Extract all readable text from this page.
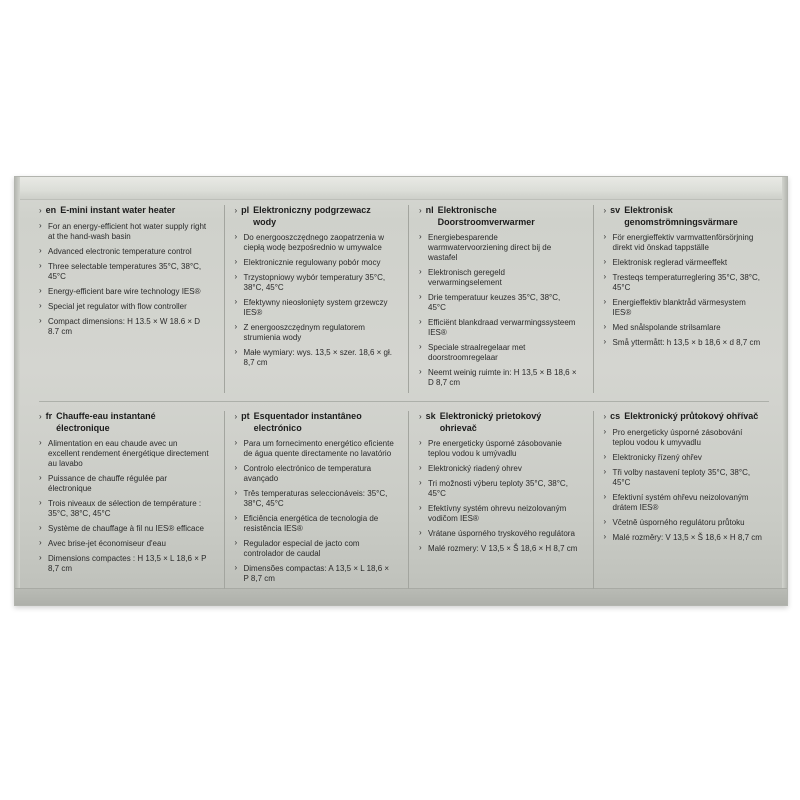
› en E-mini instant water heater
› For an energy-efficient hot water supply right at the hand-wash basin
› Advanced electronic temperature control
› Three selectable temperatures 35°C, 38°C, 45°C
› Energy-efficient bare wire technology IES®
› Special jet regulator with flow controller
› Compact dimensions: H 13.5 × W 18.6 × D 8.7 cm
› pl Elektroniczny podgrzewacz wody
› Do energooszczędnego zaopatrzenia w ciepłą wodę bezpośrednio w umywalce
› Elektronicznie regulowany pobór mocy
› Trzystopniowy wybór temperatury 35°C, 38°C, 45°C
› Efektywny nieosłonięty system grzewczy IES®
› Z energooszczędnym regulatorem strumienia wody
› Małe wymiary: wys. 13,5 × szer. 18,6 × gł. 8,7 cm
› nl Elektronische Doorstroomverwarmer
› Energiebesparende warmwatervoorziening direct bij de wastafel
› Elektronisch geregeld verwarmingselement
› Drie temperatuur keuzes 35°C, 38°C, 45°C
› Efficiënt blankdraad verwarmingssysteem IES®
› Speciale straalregelaar met doorstroomregelaar
› Neemt weinig ruimte in: H 13,5 × B 18,6 × D 8,7 cm
› sv Elektronisk genomströmningsvärmare
› För energieffektiv varmvattenförsörjning direkt vid önskad tappställe
› Elektronisk reglerad värmeeffekt
› Tresteqs temperaturreglering 35°C, 38°C, 45°C
› Energieffektiv blanktråd värmesystem IES®
› Med snålspolande strilsamlare
› Små yttermått: h 13,5 × b 18,6 × d 8,7 cm
› fr Chauffe-eau instantané électronique
› Alimentation en eau chaude avec un excellent rendement énergétique directement au lavabo
› Puissance de chauffe régulée par électronique
› Trois niveaux de sélection de température : 35°C, 38°C, 45°C
› Système de chauffage à fil nu IES® efficace
› Avec brise-jet économiseur d'eau
› Dimensions compactes : H 13,5 × L 18,6 × P 8,7 cm
› pt Esquentador instantâneo electrónico
› Para um fornecimento energético eficiente de água quente directamente no lavatório
› Controlo electrónico de temperatura avançado
› Três temperaturas seleccionáveis: 35°C, 38°C, 45°C
› Eficiência energética de tecnologia de resistência IES®
› Regulador especial de jacto com controlador de caudal
› Dimensões compactas: A 13,5 × L 18,6 × P 8,7 cm
› sk Elektronický prietokový ohrievač
› Pre energeticky úsporné zásobovanie teplou vodou k umývadlu
› Elektronický riadený ohrev
› Tri možnosti výberu teploty 35°C, 38°C, 45°C
› Efektívny systém ohrevu neizolovaným vodičom IES®
› Vrátane úsporného tryskového regulátora
› Malé rozmery: V 13,5 × Š 18,6 × H 8,7 cm
› cs Elektronický průtokový ohřívač
› Pro energeticky úsporné zásobování teplou vodou k umyvadlu
› Elektronicky řízený ohřev
› Tři volby nastavení teploty 35°C, 38°C, 45°C
› Efektivní systém ohřevu neizolovaným drátem IES®
› Včetně úsporného regulátoru průtoku
› Malé rozměry: V 13,5 × Š 18,6 × H 8,7 cm
